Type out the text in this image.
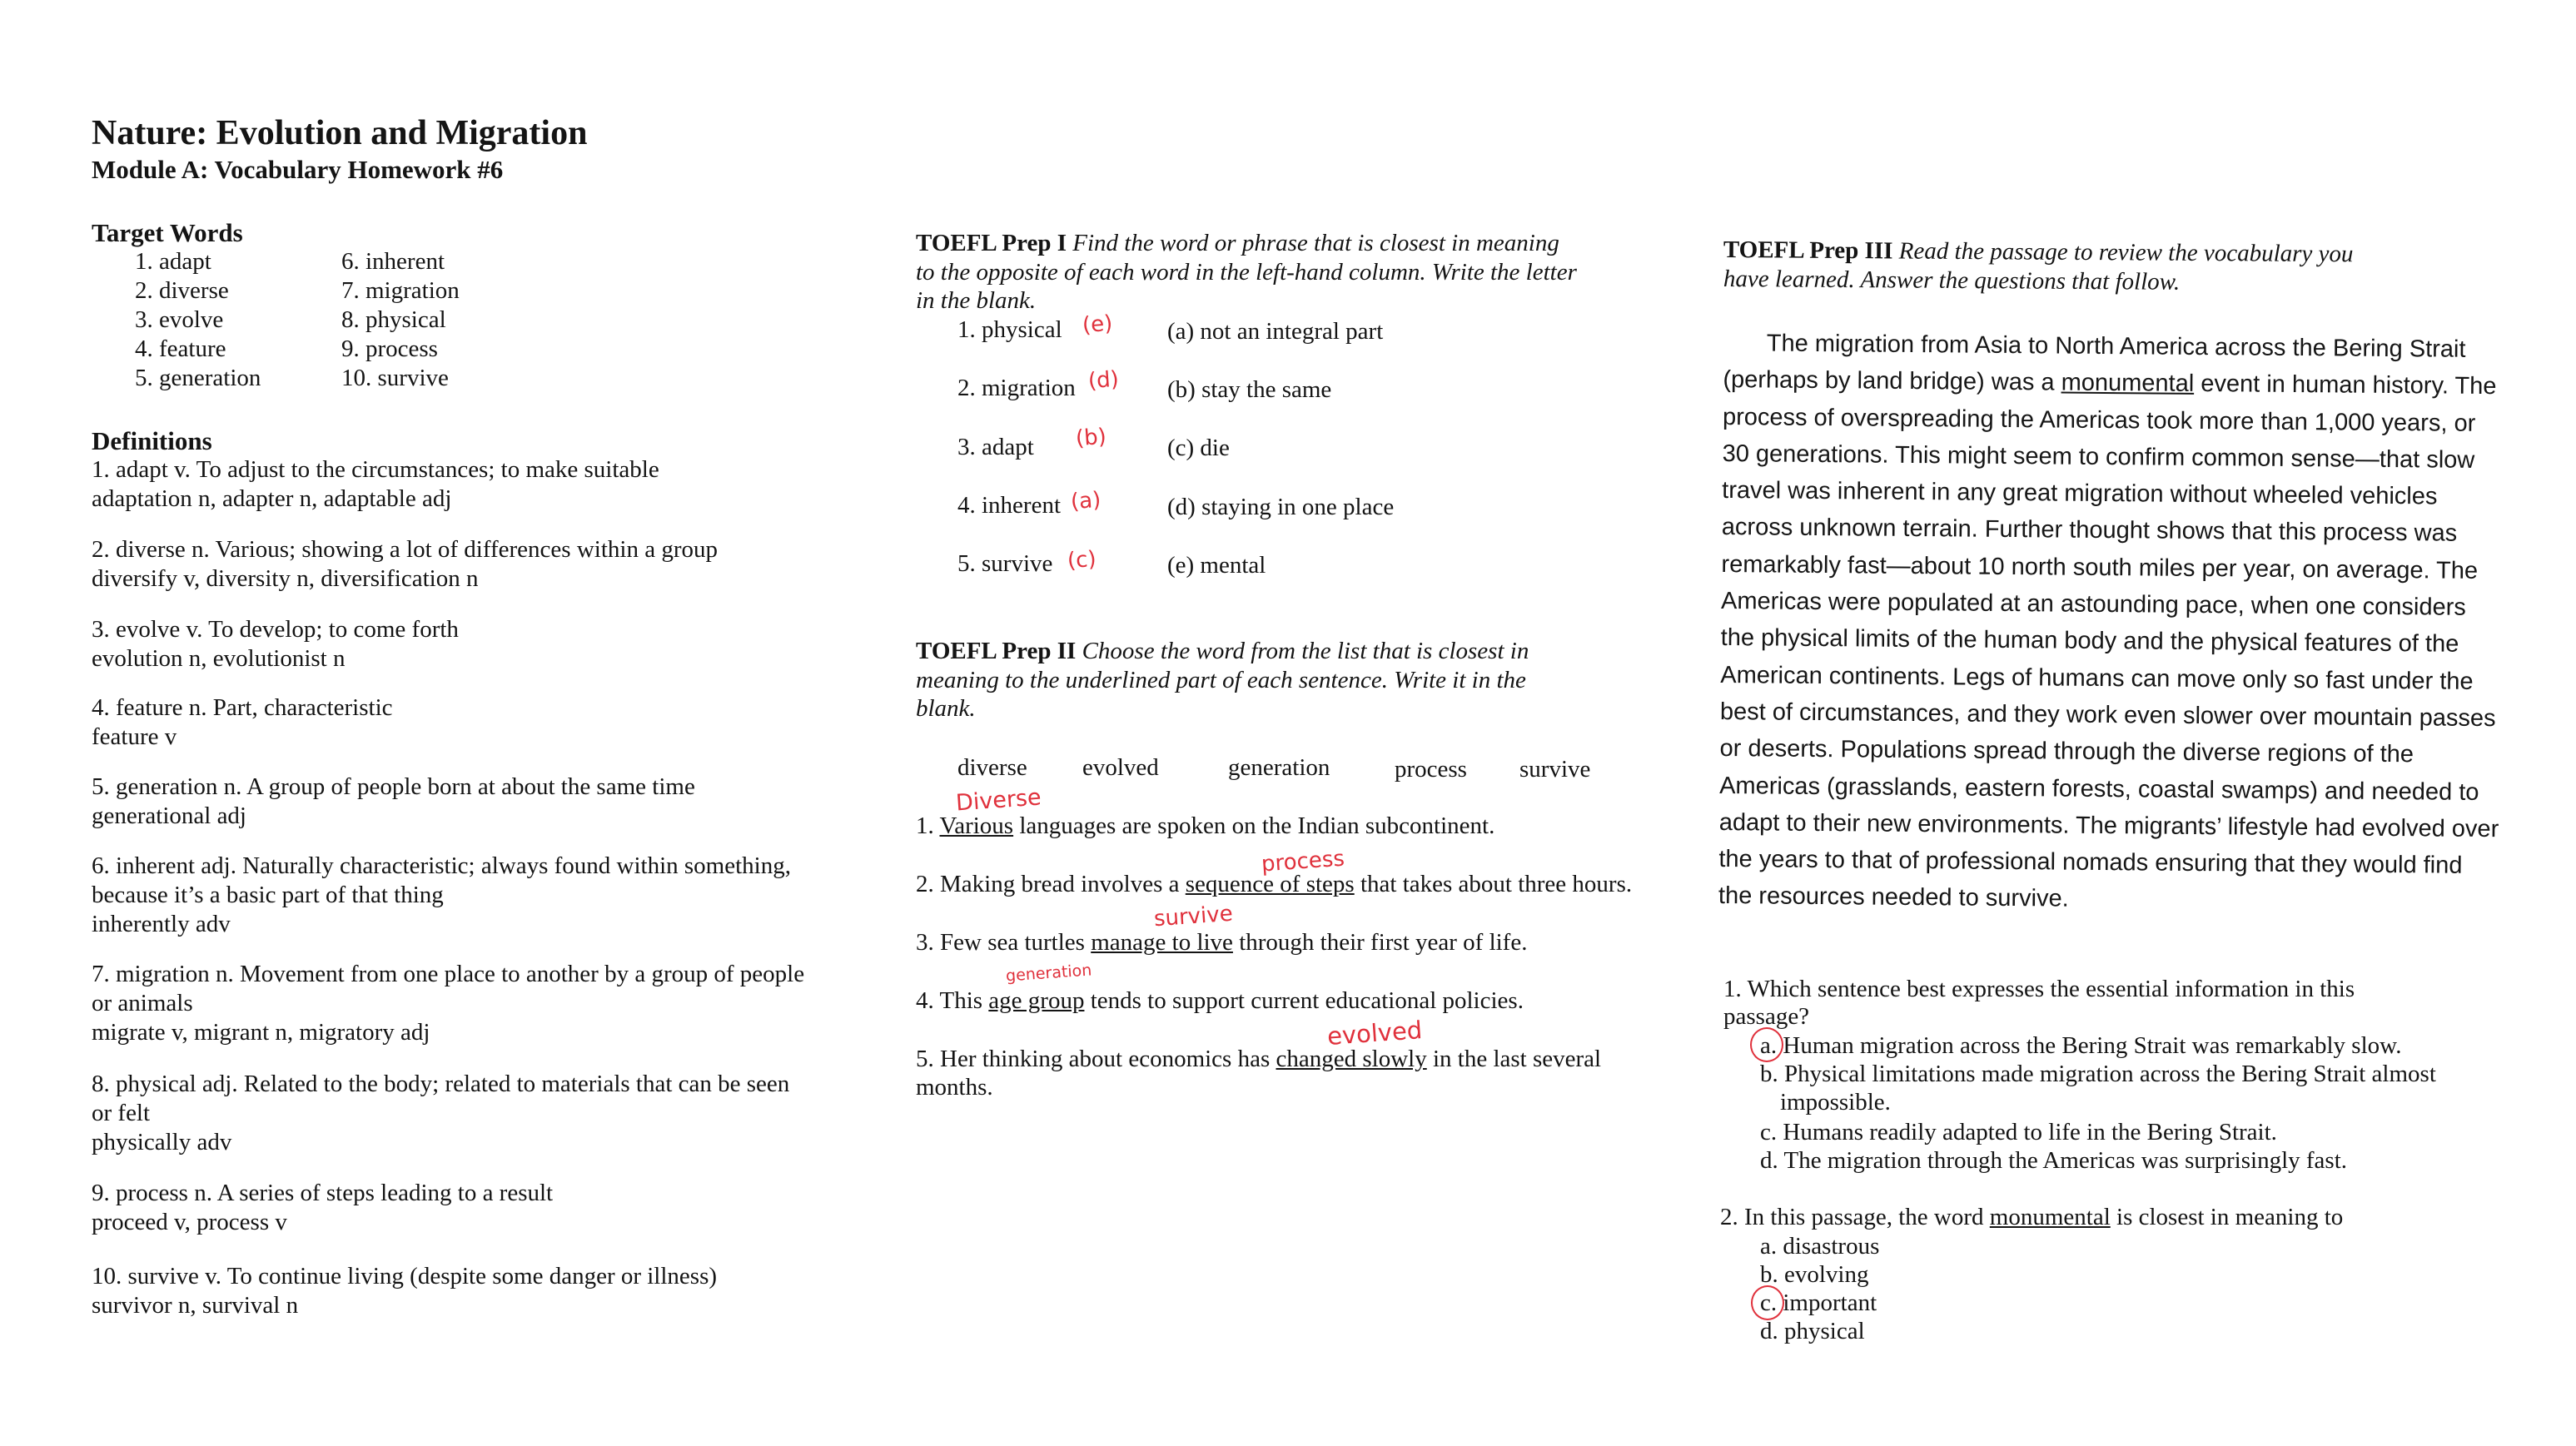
Nature: Evolution and Migration
Module A: Vocabulary Homework #6
Target Words
1. adapt
2. diverse
3. evolve
4. feature
5. generation
6. inherent
7. migration
8. physical
9. process
10. survive
Definitions
1. adapt v. To adjust to the circumstances; to make suitable
adaptation n, adapter n, adaptable adj
2. diverse n. Various; showing a lot of differences within a group
diversify v, diversity n, diversification n
3. evolve v. To develop; to come forth
evolution n, evolutionist n
4. feature n. Part, characteristic
feature v
5. generation n. A group of people born at about the same time
generational adj
6. inherent adj. Naturally characteristic; always found within something,
because it’s a basic part of that thing
inherently adv
7. migration n. Movement from one place to another by a group of people
or animals
migrate v, migrant n, migratory adj
8. physical adj. Related to the body; related to materials that can be seen
or felt
physically adv
9. process n. A series of steps leading to a result
proceed v, process v
10. survive v. To continue living (despite some danger or illness)
survivor n, survival n
TOEFL Prep I Find the word or phrase that is closest in meaning
to the opposite of each word in the left-hand column. Write the letter
in the blank.
1. physical
2. migration
3. adapt
4. inherent
5. survive
(e)
(d)
(b)
(a)
(c)
(a) not an integral part
(b) stay the same
(c) die
(d) staying in one place
(e) mental
TOEFL Prep II Choose the word from the list that is closest in
meaning to the underlined part of each sentence. Write it in the
blank.
diverse evolved	generation	process survive
Diverse
1. Various languages are spoken on the Indian subcontinent.
process
2. Making bread involves a sequence of steps that takes about three hours.
survive
3. Few sea turtles manage to live through their first year of life.
generation
4. This age group tends to support current educational policies.
evolved
5. Her thinking about economics has changed slowly in the last several
months.
TOEFL Prep III Read the passage to review the vocabulary you
have learned. Answer the questions that follow.

The migration from Asia to North America across the Bering Strait (perhaps by land bridge) was a monumental event in human history. The process of overspreading the Americas took more than 1,000 years, or 30 generations. This might seem to confirm common sense—that slow travel was inherent in any great migration without wheeled vehicles across unknown terrain. Further thought shows that this process was remarkably fast—about 10 north south miles per year, on average. The Americas were populated at an astounding pace, when one considers the physical limits of the human body and the physical features of the American continents. Legs of humans can move only so fast under the best of circumstances, and they work even slower over mountain passes or deserts. Populations spread through the diverse regions of the Americas (grasslands, eastern forests, coastal swamps) and needed to adapt to their new environments. The migrants’ lifestyle had evolved over the years to that of professional nomads ensuring that they would find the resources needed to survive.

1. Which sentence best expresses the essential information in this
passage?
a. Human migration across the Bering Strait was remarkably slow.
b. Physical limitations made migration across the Bering Strait almost
impossible.
c. Humans readily adapted to life in the Bering Strait.
d. The migration through the Americas was surprisingly fast.
2. In this passage, the word monumental is closest in meaning to
a. disastrous
b. evolving
c. important
d. physical
